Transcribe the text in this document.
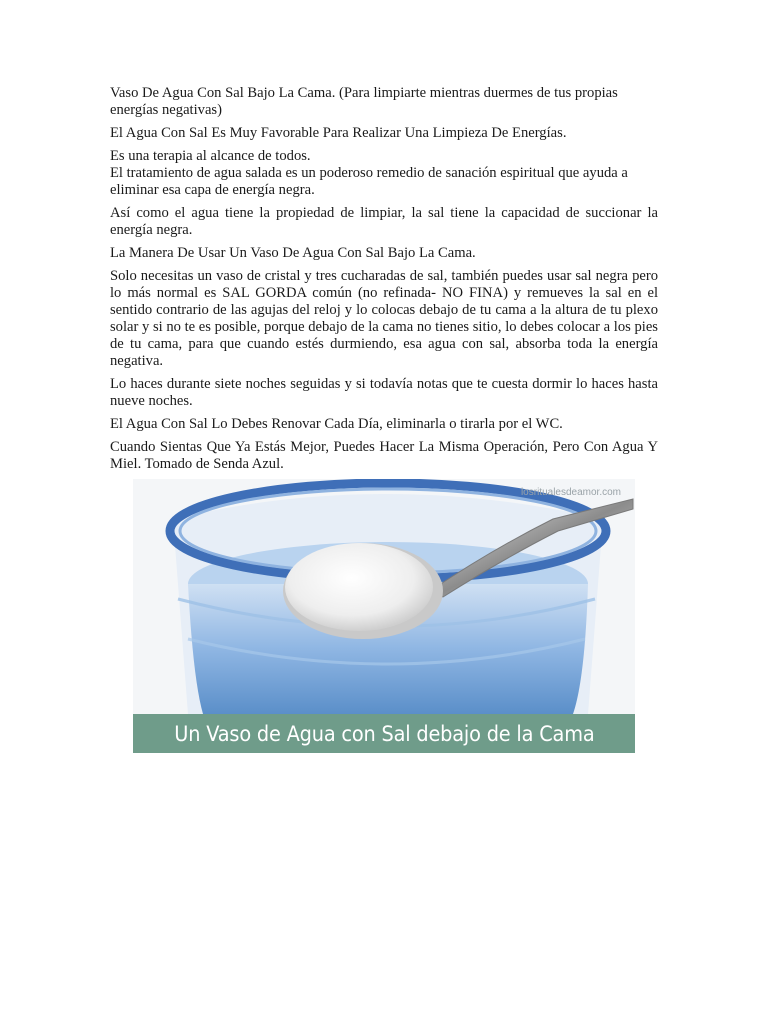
Vaso De Agua Con Sal Bajo La Cama. (Para limpiarte mientras duermes de tus propias energías negativas)

El Agua Con Sal Es Muy Favorable Para Realizar Una Limpieza De Energías.

Es una terapia al alcance de todos.

El tratamiento de agua salada es un poderoso remedio de sanación espiritual que ayuda a eliminar esa capa de energía negra.

Así como el agua tiene la propiedad de limpiar, la sal tiene la capacidad de succionar la energía negra.

La Manera De Usar Un Vaso De Agua Con Sal Bajo La Cama.

Solo necesitas un vaso de cristal y tres cucharadas de sal, también puedes usar sal negra pero lo más normal es SAL GORDA común (no refinada- NO FINA) y remueves la sal en el sentido contrario de las agujas del reloj y lo colocas debajo de tu cama a la altura de tu plexo solar y si no te es posible, porque debajo de la cama no tienes sitio, lo debes colocar a los pies de tu cama, para que cuando estés durmiendo, esa agua con sal, absorba toda la energía negativa.

Lo haces durante siete noches seguidas y si todavía notas que te cuesta dormir lo haces hasta nueve noches.

El Agua Con Sal Lo Debes Renovar Cada Día, eliminarla o tirarla por el WC.

Cuando Sientas Que Ya Estás Mejor, Puedes Hacer La Misma Operación, Pero Con Agua Y Miel. Tomado de Senda Azul.

losritualesdeamor.com
Un Vaso de Agua con Sal debajo de la Cama
